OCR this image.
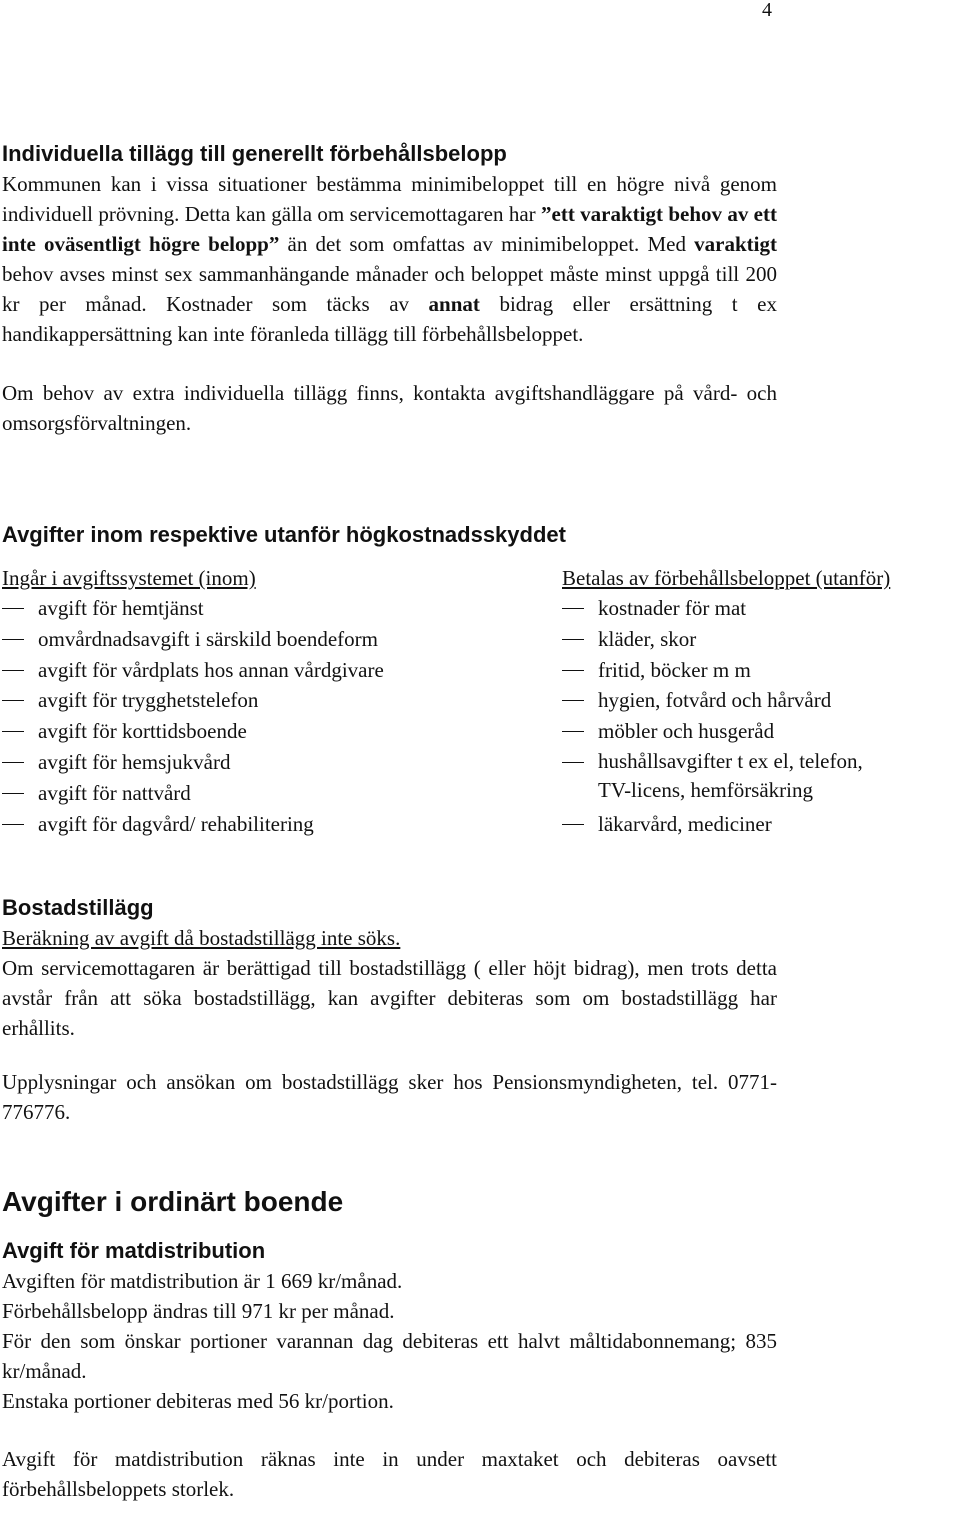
4
Individuella tillägg till generellt förbehållsbelopp

Kommunen kan i vissa situationer bestämma minimibeloppet till en högre nivå genom individuell prövning. Detta kan gälla om servicemottagaren har ”ett varaktigt behov av ett inte oväsentligt högre belopp” än det som omfattas av minimibeloppet. Med varaktigt behov avses minst sex sammanhängande månader och beloppet måste minst uppgå till 200 kr per månad. Kostnader som täcks av annat bidrag eller ersättning t ex handikappersättning kan inte föranleda tillägg till förbehållsbeloppet.

Om behov av extra individuella tillägg finns, kontakta avgiftshandläggare på vård- och omsorgsförvaltningen.

Avgifter inom respektive utanför högkostnadsskyddet
Ingår i avgiftssystemet (inom)
avgift för hemtjänst
omvårdnadsavgift i särskild boendeform
avgift för vårdplats hos annan vårdgivare
avgift för trygghetstelefon
avgift för korttidsboende
avgift för hemsjukvård
avgift för nattvård
avgift för dagvård/ rehabilitering
Betalas av förbehållsbeloppet (utanför)
kostnader för mat
kläder, skor
fritid, böcker m m
hygien, fotvård och hårvård
möbler och husgeråd
hushållsavgifter t ex el, telefon,
TV-licens, hemförsäkring
läkarvård, mediciner
Bostadstillägg

Beräkning av avgift då bostadstillägg inte söks.

Om servicemottagaren är berättigad till bostadstillägg ( eller höjt bidrag), men trots detta avstår från att söka bostadstillägg, kan avgifter debiteras som om bostadstillägg har erhållits.

Upplysningar och ansökan om bostadstillägg sker hos Pensionsmyndigheten, tel. 0771-776776.

Avgifter i ordinärt boende
Avgift för matdistribution

Avgiften för matdistribution är 1 669 kr/månad.

Förbehållsbelopp ändras till 971 kr per månad.

För den som önskar portioner varannan dag debiteras ett halvt måltidabonnemang; 835 kr/månad.

Enstaka portioner debiteras med 56 kr/portion.

Avgift för matdistribution räknas inte in under maxtaket och debiteras oavsett förbehållsbeloppets storlek.
